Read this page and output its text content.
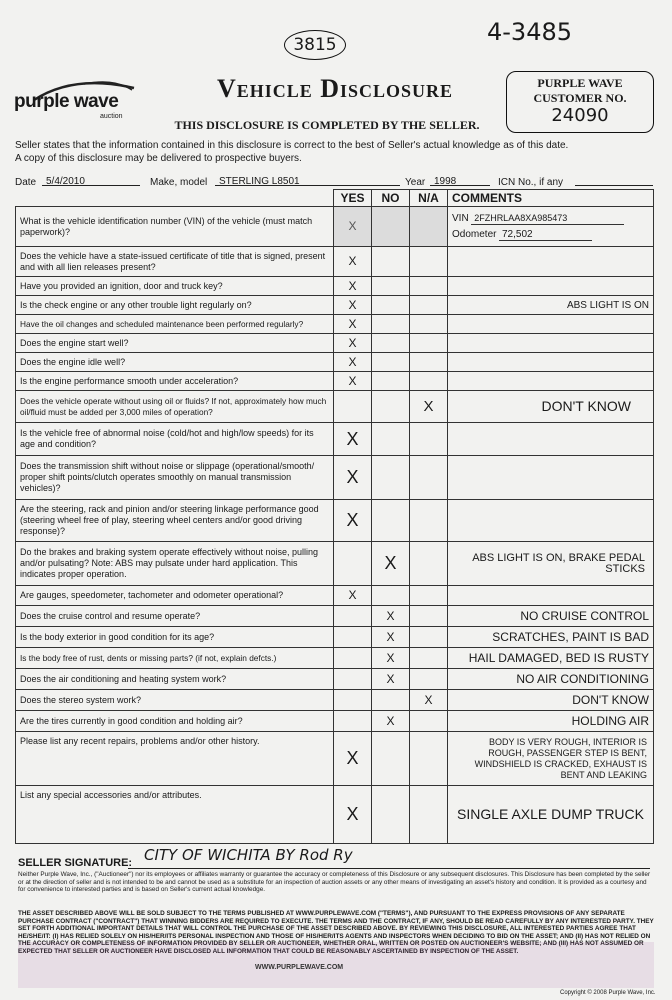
3815	4-3485
purple wave
auction
Vehicle Disclosure
THIS DISCLOSURE IS COMPLETED BY THE SELLER.
PURPLE WAVE
CUSTOMER NO.
24090
Seller states that the information contained in this disclosure is correct to the best of Seller's actual knowledge as of this date.
A copy of this disclosure may be delivered to prospective buyers.
Date 5/4/2010	Make, model	STERLING L8501	Year 1998	ICN No., if any
	YES	NO	N/A	COMMENTS
What is the vehicle identification number (VIN) of the vehicle (must match paperwork)?	X			VIN 2FZHRLAA8XA985473
Odometer 72,502

Does the vehicle have a state-issued certificate of title that is signed, present and with all lien releases present?	X			
Have you provided an ignition, door and truck key?	X			
Is the check engine or any other trouble light regularly on?	X			ABS LIGHT IS ON
Have the oil changes and scheduled maintenance been performed regularly?	X			
Does the engine start well?	X			
Does the engine idle well?	X			
Is the engine performance smooth under acceleration?	X			
Does the vehicle operate without using oil or fluids? If not, approximately how much oil/fluid must be added per 3,000 miles of operation?			X	DON'T KNOW
Is the vehicle free of abnormal noise (cold/hot and high/low speeds) for its age and condition?	X			
Does the transmission shift without noise or slippage (operational/smooth/ proper shift points/clutch operates smoothly on manual transmission vehicles)?	X			
Are the steering, rack and pinion and/or steering linkage performance good (steering wheel free of play, steering wheel centers and/or good driving response)?	X			
Do the brakes and braking system operate effectively without noise, pulling and/or pulsating? Note: ABS may pulsate under hard application. This indicates proper operation.		X		ABS LIGHT IS ON, BRAKE PEDAL STICKS
Are gauges, speedometer, tachometer and odometer operational?	X			
Does the cruise control and resume operate?		X		NO CRUISE CONTROL
Is the body exterior in good condition for its age?		X		SCRATCHES, PAINT IS BAD
Is the body free of rust, dents or missing parts? (if not, explain defcts.)		X		HAIL DAMAGED, BED IS RUSTY
Does the air conditioning and heating system work?		X		NO AIR CONDITIONING
Does the stereo system work?			X	DON'T KNOW
Are the tires currently in good condition and holding air?		X		HOLDING AIR
Please list any recent repairs, problems and/or other history.	X			BODY IS VERY ROUGH, INTERIOR IS ROUGH, PASSENGER STEP IS BENT, WINDSHIELD IS CRACKED, EXHAUST IS BENT AND LEAKING
List any special accessories and/or attributes.	X			SINGLE AXLE DUMP TRUCK
SELLER SIGNATURE: CITY OF WICHITA BY Rod Ry
Neither Purple Wave, Inc., ("Auctioneer") nor its employees or affiliates warranty or guarantee the accuracy or completeness of this Disclosure or any subsequent disclosures. This Disclosure has been completed by the seller or at the direction of seller and is not intended to be and cannot be used as a substitute for an inspection of auction assets or any other means of investigating an asset's history and condition. It is provided as a courtesy and for convenience to interested parties and is based on Seller's current actual knowledge.
THE ASSET DESCRIBED ABOVE WILL BE SOLD SUBJECT TO THE TERMS PUBLISHED AT WWW.PURPLEWAVE.COM ("TERMS"), AND PURSUANT TO THE EXPRESS PROVISIONS OF ANY SEPARATE PURCHASE CONTRACT ("CONTRACT") THAT WINNING BIDDERS ARE REQUIRED TO EXECUTE. THE TERMS AND THE CONTRACT, IF ANY, SHOULD BE READ CAREFULLY BY ANY INTERESTED PARTY. THEY SET FORTH ADDITIONAL IMPORTANT DETAILS THAT WILL CONTROL THE PURCHASE OF THE ASSET DESCRIBED ABOVE. BY REVIEWING THIS DISCLOSURE, ALL INTERESTED PARTIES AGREE THAT HE/SHE/IT: (I) HAS RELIED SOLELY ON HIS/HER/ITS PERSONAL INSPECTION AND THOSE OF HIS/HER/ITS AGENTS AND INSPECTORS WHEN DECIDING TO BID ON THE ASSET; AND (II) HAS NOT RELIED ON THE ACCURACY OR COMPLETENESS OF INFORMATION PROVIDED BY SELLER OR AUCTIONEER, WHETHER ORAL, WRITTEN OR POSTED ON AUCTIONEER'S WEBSITE; AND (III) HAS NOT ASSUMED OR EXPECTED THAT SELLER OR AUCTIONEER HAVE DISCLOSED ALL INFORMATION THAT COULD BE REASONABLY ASCERTAINED BY INSPECTION OF THE ASSET.
WWW.PURPLEWAVE.COM
Copyright © 2008 Purple Wave, Inc.
